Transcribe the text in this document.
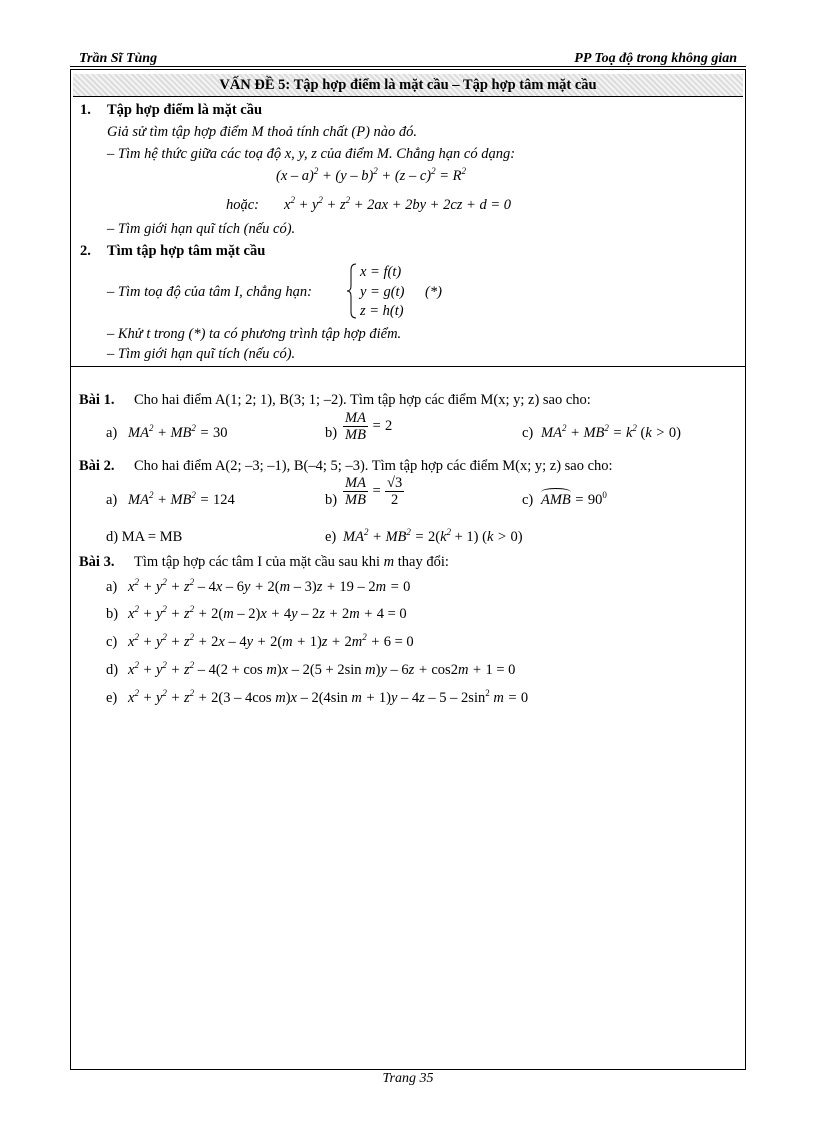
Trần Sĩ Tùng	PP Toạ độ trong không gian
VẤN ĐỀ 5: Tập hợp điểm là mặt cầu – Tập hợp tâm mặt cầu
1. Tập hợp điểm là mặt cầu
Giả sử tìm tập hợp điểm M thoả tính chất (P) nào đó.
– Tìm hệ thức giữa các toạ độ x, y, z của điểm M. Chẳng hạn có dạng:
$(x - a)^2 + (y - b)^2 + (z - c)^2 = R^2$
hoặc: $x^2 + y^2 + z^2 + 2ax + 2by + 2cz + d = 0$
– Tìm giới hạn quĩ tích (nếu có).
2. Tìm tập hợp tâm mặt cầu
– Tìm toạ độ của tâm I, chẳng hạn:
x = f(t)
y = g(t)
z = h(t)
(*)
– Khử t trong (*) ta có phương trình tập hợp điểm.
– Tìm giới hạn quĩ tích (nếu có).
Bài 1. Cho hai điểm A(1; 2; 1), B(3; 1; –2). Tìm tập hợp các điểm M(x; y; z) sao cho:
a) $MA^2 + MB^2 = 30$	$b) \frac{MA}{MB} = 2$	c) $MA^2 + MB^2 = k^2$ (k > 0)
Bài 2. Cho hai điểm A(2; –3; –1), B(–4; 5; –3). Tìm tập hợp các điểm M(x; y; z) sao cho:
a) $MA^2 + MB^2 = 124$	$b) \frac{MA}{MB} = \frac{√3}{2}$	c) AMB = $90^0$
d) MA = MB	e) $MA^2 + MB^2 = 2(k^2 + 1) (k > 0)$
Bài 3. Tìm tập hợp các tâm I của mặt cầu sau khi m thay đổi:
a) $x^2 + y^2 + z^2 - 4x - 6y + 2(m - 3)z + 19 - 2m = 0$
b) $x^2 + y^2 + z^2 + 2(m - 2)x + 4y - 2z + 2m + 4 = 0$
c) $x^2 + y^2 + z^2 + 2x - 4y + 2(m + 1)z + 2m^2 + 6 = 0$
d) $x^2 + y^2 + z^2 - 4(2 + \cos m)x - 2(5 + 2\sin$ m)y – 6z + cos2m + 1 = 0
e) $x^2 + y^2 + z^2 + 2(3 - 4\cos$ m)x – 2(4sin $m + 1)y - 4z - 5 - 2\sin^2$ m = 0
Trang 35
